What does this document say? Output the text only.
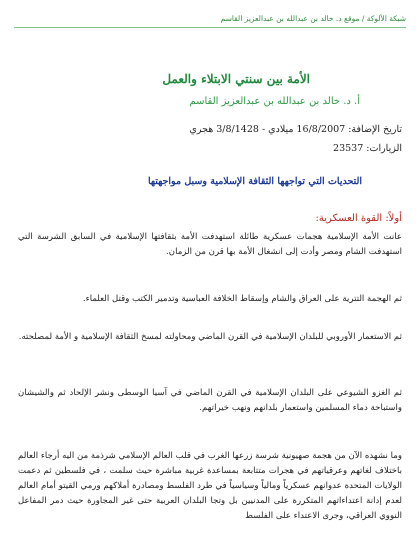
شبكة الألوكة / موقع د. خالد بن عبدالله بن عبدالعزيز القاسم
الأمة بين سنتي الابتلاء والعمل
أ. د. خالد بن عبدالله بن عبدالعزيز القاسم
تاريخ الإضافة: 16/8/2007 ميلادي - 3/8/1428 هجري
الزيارات: 23537
التحديات التي تواجهها الثقافة الإسلامية وسبل مواجهتها
أولاً: القوة العسكرية:
عانت الأمة الإسلامية هجمات عسكرية طائلة استهدفت الأمة بثقافتها الإسلامية في السابق الشرسة التي استهدفت الشام ومصر وأدت إلى انشغال الأمة بها قرن من الزمان.
ثم الهجمة التترية على العراق والشام وإسقاط الخلافة العباسية وتدمير الكتب وقتل العلماء.
ثم الاستعمار الأوروبي للبلدان الإسلامية في القرن الماضي ومحاولته لمسخ الثقافة الإسلامية و الأمة لمصلحته.
ثم الغزو الشيوعي على البلدان الإسلامية في القرن الماضي في آسيا الوسطى ونشر الإلحاد ثم والشيشان واستباحة دماء المسلمين واستعمار بلدانهم ونهب خيراتهم.
وما نشهده الآن من هجمة صهيونية شرسة زرعها الغرب في قلب العالم الإسلامي شرذمة من اليه أرجاء العالم باختلاف لغاتهم وعرقياتهم في هجرات متتابعة بمساعدة غربية مباشرة حيث سلمت ، في فلسطين ثم دعمت الولايات المتحدة عدوانهم عسكرياً ومالياً وسياسياً في طرد الفلسط ومصادرة أملاكهم ورمي القيتو أمام العالم لعدم إدانة اعتداءاتهم المتكررة على المدنيين بل وتجا البلدان العربية حتى غير المجاورة حيث دمر المفاعل النووي العراقي، وجرى الاعتداء على الفلسط
